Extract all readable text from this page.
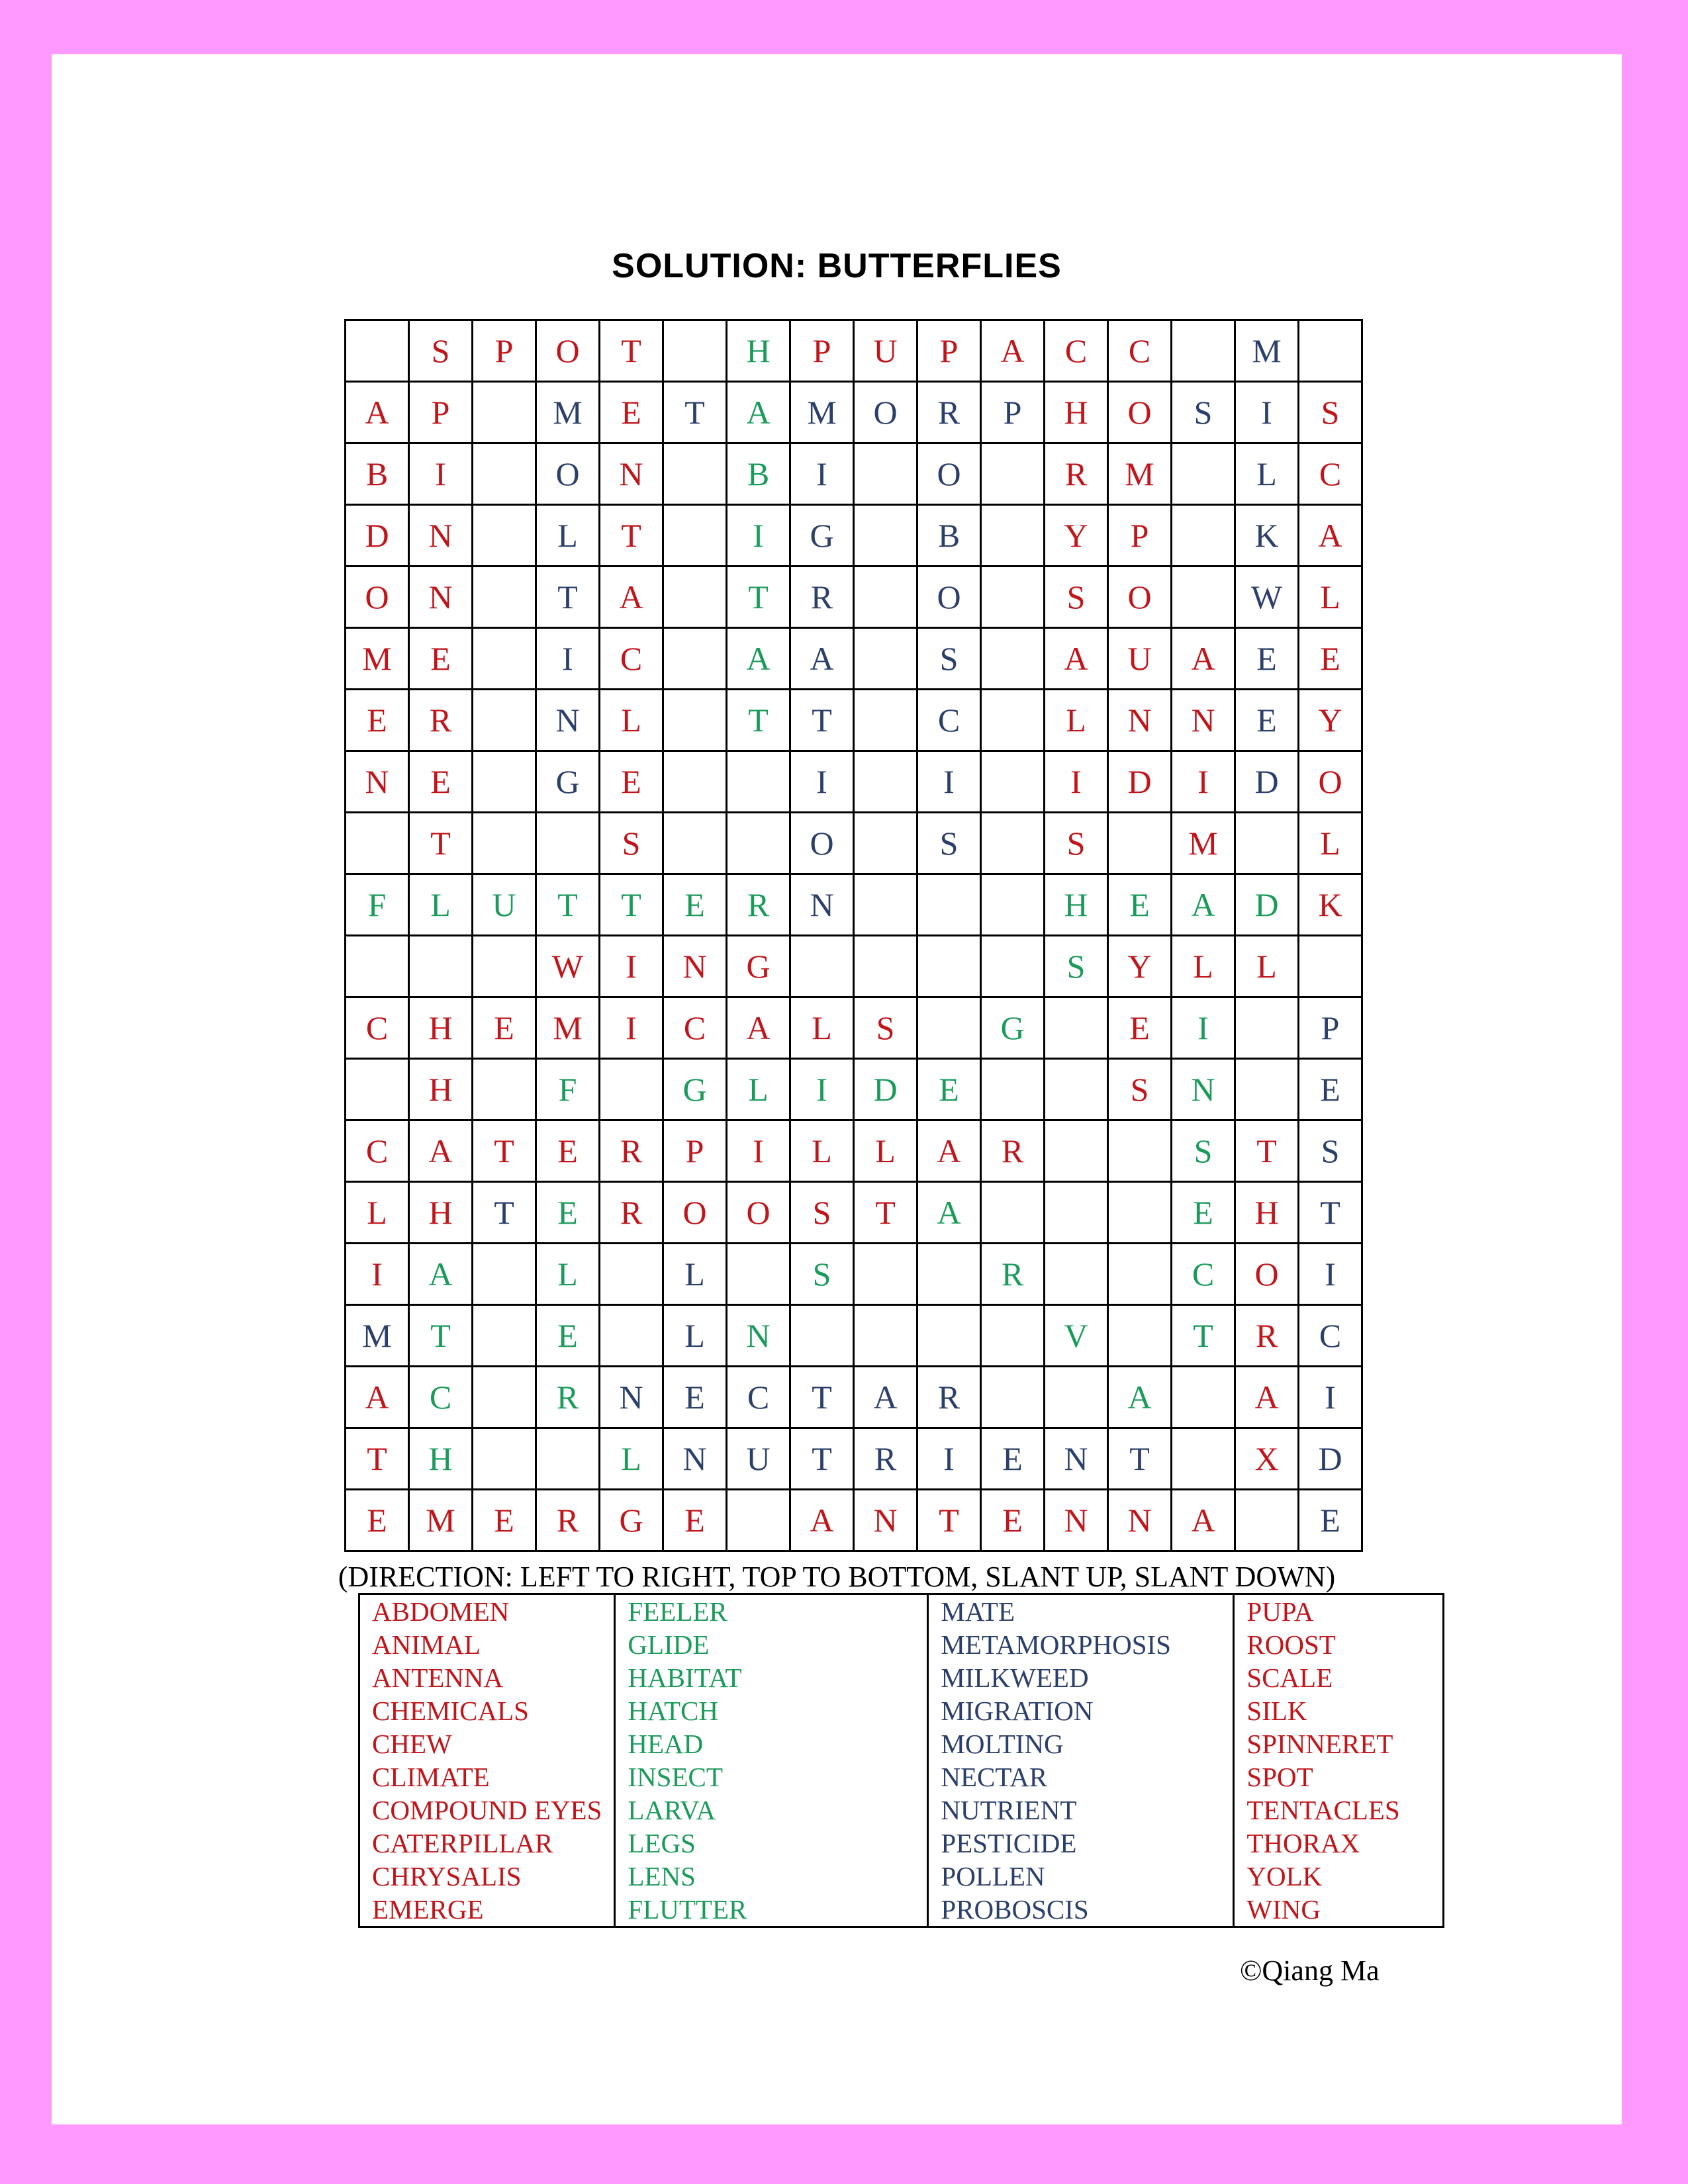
SOLUTION: BUTTERFLIES
	S	P	O	T		H	P	U	P	A	C	C		M	
A	P		M	E	T	A	M	O	R	P	H	O	S	I	S
B	I		O	N		B	I		O		R	M		L	C
D	N		L	T		I	G		B		Y	P		K	A
O	N		T	A		T	R		O		S	O		W	L
M	E		I	C		A	A		S		A	U	A	E	E
E	R		N	L		T	T		C		L	N	N	E	Y
N	E		G	E			I		I		I	D	I	D	O
	T			S			O		S		S		M		L
F	L	U	T	T	E	R	N				H	E	A	D	K
			W	I	N	G					S	Y	L	L	
C	H	E	M	I	C	A	L	S		G		E	I		P
	H		F		G	L	I	D	E			S	N		E
C	A	T	E	R	P	I	L	L	A	R			S	T	S
L	H	T	E	R	O	O	S	T	A				E	H	T
I	A		L		L		S			R			C	O	I
M	T		E		L	N					V		T	R	C
A	C		R	N	E	C	T	A	R			A		A	I
T	H			L	N	U	T	R	I	E	N	T		X	D
E	M	E	R	G	E		A	N	T	E	N	N	A		E
(DIRECTION: LEFT TO RIGHT, TOP TO BOTTOM, SLANT UP, SLANT DOWN)
ABDOMEN
ANIMAL
ANTENNA
CHEMICALS
CHEW
CLIMATE
COMPOUND EYES
CATERPILLAR
CHRYSALIS
EMERGE

FEELER
GLIDE
HABITAT
HATCH
HEAD
INSECT
LARVA
LEGS
LENS
FLUTTER

MATE
METAMORPHOSIS
MILKWEED
MIGRATION
MOLTING
NECTAR
NUTRIENT
PESTICIDE
POLLEN
PROBOSCIS

PUPA
ROOST
SCALE
SILK
SPINNERET
SPOT
TENTACLES
THORAX
YOLK
WING
©Qiang Ma
